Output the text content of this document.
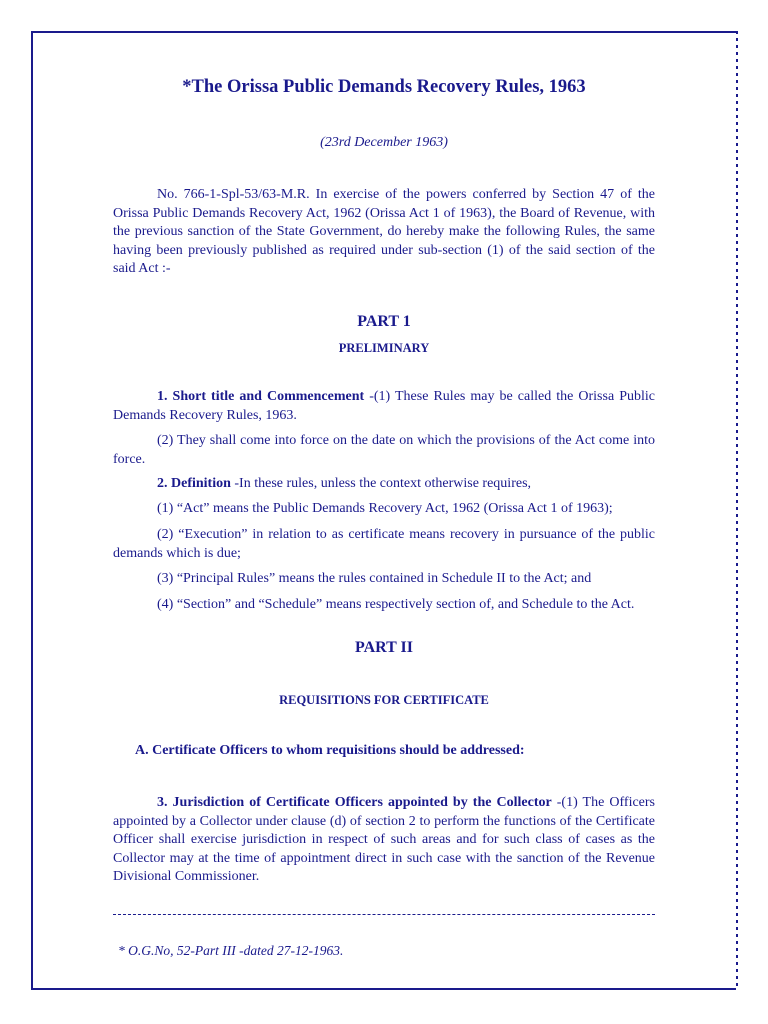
*The Orissa Public Demands Recovery Rules, 1963
(23rd December 1963)

No. 766-1-Spl-53/63-M.R. In exercise of the powers conferred by Section 47 of the Orissa Public Demands Recovery Act, 1962 (Orissa Act 1 of 1963), the Board of Revenue, with the previous sanction of the State Government, do hereby make the following Rules, the same having been previously published as required under sub-section (1) of the said section of the said Act :-

PART 1
PRELIMINARY

1. Short title and Commencement -(1) These Rules may be called the Orissa Public Demands Recovery Rules, 1963.

(2) They shall come into force on the date on which the provisions of the Act come into force.

2. Definition -In these rules, unless the context otherwise requires,

(1) “Act” means the Public Demands Recovery Act, 1962 (Orissa Act 1 of 1963);

(2) “Execution” in relation to as certificate means recovery in pursuance of the public demands which is due;

(3) “Principal Rules” means the rules contained in Schedule II to the Act; and

(4) “Section” and “Schedule” means respectively section of, and Schedule to the Act.

PART II
REQUISITIONS FOR CERTIFICATE
A. Certificate Officers to whom requisitions should be addressed:

3. Jurisdiction of Certificate Officers appointed by the Collector -(1) The Officers appointed by a Collector under clause (d) of section 2 to perform the functions of the Certificate Officer shall exercise jurisdiction in respect of such areas and for such class of cases as the Collector may at the time of appointment direct in such case with the sanction of the Revenue Divisional Commissioner.

* O.G.No, 52-Part III -dated 27-12-1963.
